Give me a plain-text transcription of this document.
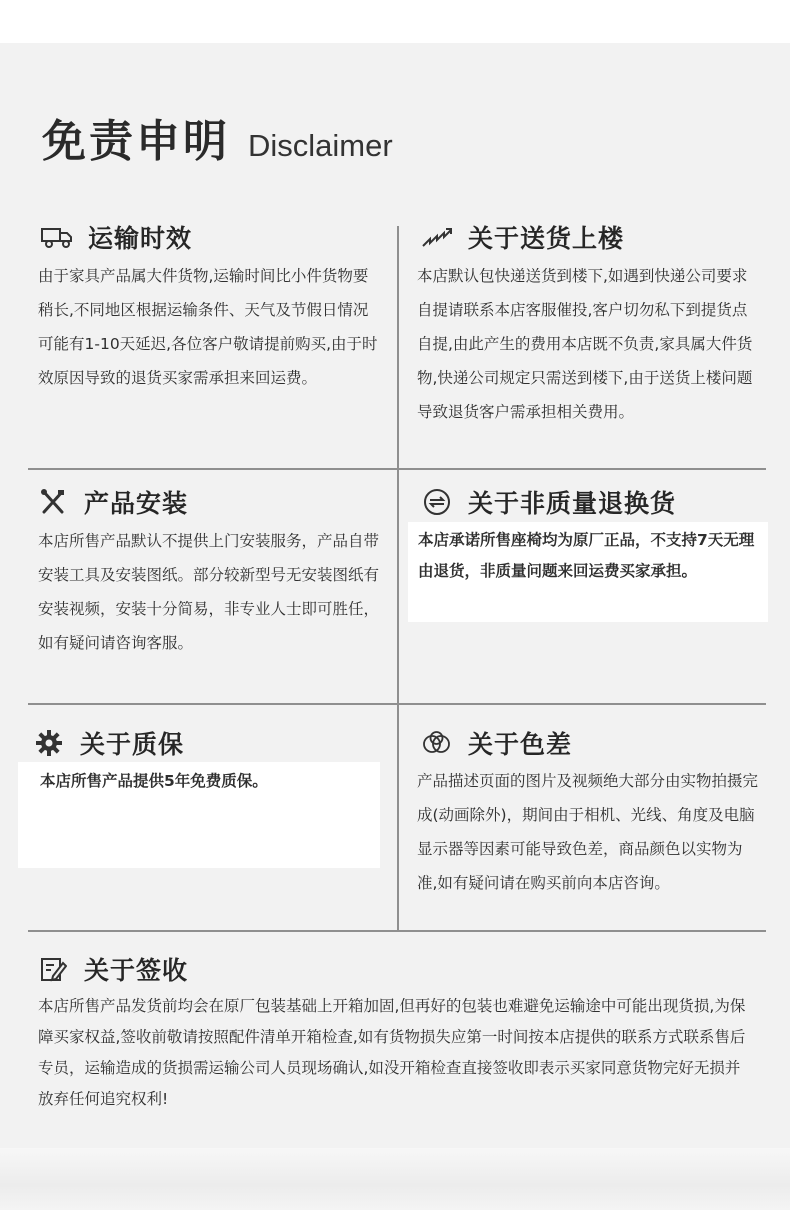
免责申明 Disclaimer
运输时效
由于家具产品属大件货物,运输时间比小件货物要稍长,不同地区根据运输条件、天气及节假日情况可能有1-10天延迟,各位客户敬请提前购买,由于时效原因导致的退货买家需承担来回运费。
关于送货上楼
本店默认包快递送货到楼下,如遇到快递公司要求自提请联系本店客服催投,客户切勿私下到提货点自提,由此产生的费用本店既不负责,家具属大件货物,快递公司规定只需送到楼下,由于送货上楼问题导致退货客户需承担相关费用。
产品安装
本店所售产品默认不提供上门安装服务，产品自带安装工具及安装图纸。部分较新型号无安装图纸有安装视频，安装十分简易，非专业人士即可胜任，如有疑问请咨询客服。
关于非质量退换货
本店承诺所售座椅均为原厂正品，不支持7天无理由退货，非质量问题来回运费买家承担。
关于质保
本店所售产品提供5年免费质保。
关于色差
产品描述页面的图片及视频绝大部分由实物拍摄完成(动画除外)，期间由于相机、光线、角度及电脑显示器等因素可能导致色差，商品颜色以实物为准,如有疑问请在购买前向本店咨询。
关于签收
本店所售产品发货前均会在原厂包装基础上开箱加固,但再好的包装也难避免运输途中可能出现货损,为保障买家权益,签收前敬请按照配件清单开箱检查,如有货物损失应第一时间按本店提供的联系方式联系售后专员，运输造成的货损需运输公司人员现场确认,如没开箱检查直接签收即表示买家同意货物完好无损并放弃任何追究权利!
